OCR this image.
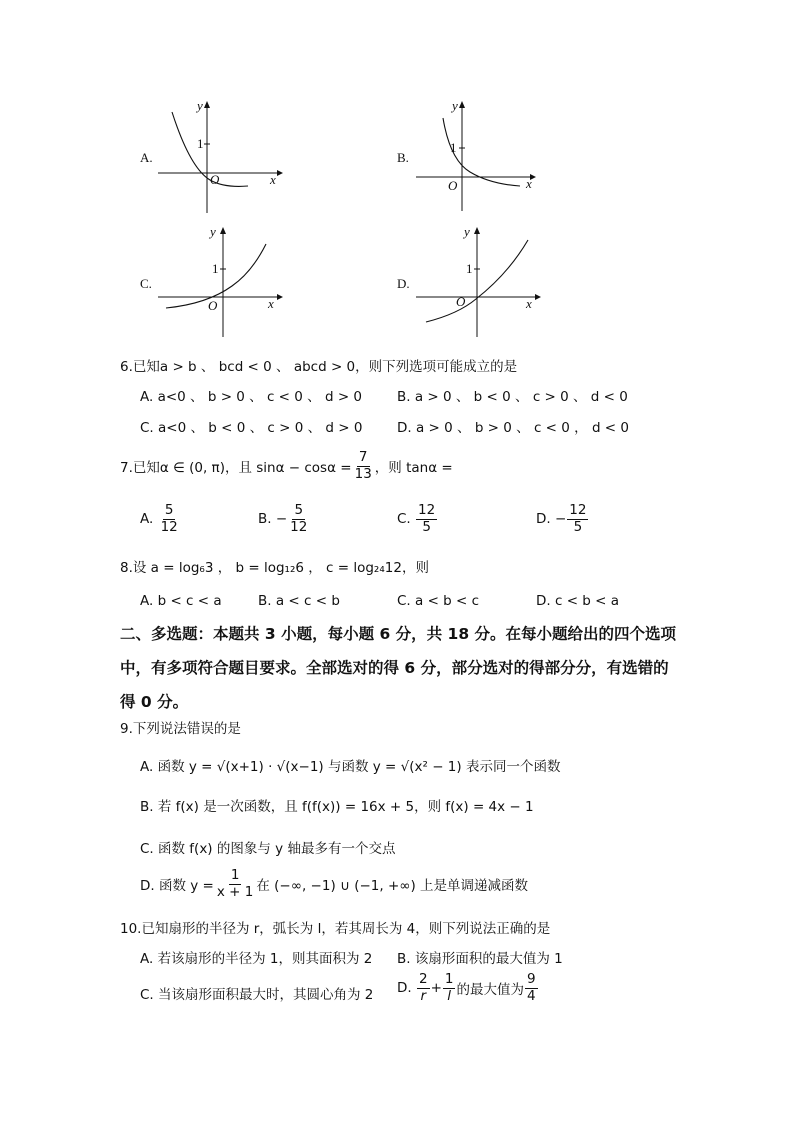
A.
y
x
O
1
B.
y
x
O
1
C.
y
x
O
1
D.
y
x
O
1
6.已知a > b 、 bcd < 0 、 abcd > 0，则下列选项可能成立的是
A. a<0 、 b > 0 、 c < 0 、 d > 0	B. a > 0 、 b < 0 、 c > 0 、 d < 0
C. a<0 、 b < 0 、 c > 0 、 d > 0	D. a > 0 、 b > 0 、 c < 0 ， d < 0
7.已知α ∈ (0, π)，且 $\sin\alpha - \cos\alpha = \frac{7}{13}$ ，则 tanα =
A.
$\frac{5}{12}$	B.
− $\frac{5}{12}$	C.
$\frac{12}{5}$	D.
− $\frac{12}{5}$
8.设 a = log₆3 ， b = log₁₂6 ， c = log₂₄12，则
A. b < c < a	B. a < c < b	C. a < b < c	D. c < b < a
二、多选题：本题共 3 小题，每小题 6 分，共 18 分。在每小题给出的四个选项中，有多项符合题目要求。全部选对的得 6 分，部分选对的得部分分，有选错的得 0 分。
9.下列说法错误的是
A. 函数 y = √(x+1) · √(x−1) 与函数 y = √(x² − 1) 表示同一个函数
B. 若 f(x) 是一次函数，且 f(f(x)) = 16x + 5，则 f(x) = 4x − 1
C. 函数 f(x) 的图象与 y 轴最多有一个交点
D. 函数 $y = \frac{1}{x + 1}$ 在 (−∞, −1) ∪ (−1, +∞) 上是单调递减函数
10.已知扇形的半径为 r，弧长为 l，若其周长为 4，则下列说法正确的是
A. 若该扇形的半径为 1，则其面积为 2 B. 该扇形面积的最大值为 1
C. 当该扇形面积最大时，其圆心角为 2 D.
$\frac{2}{r} + \frac{1}{l}$ 的最大值为 $\frac{9}{4}$
